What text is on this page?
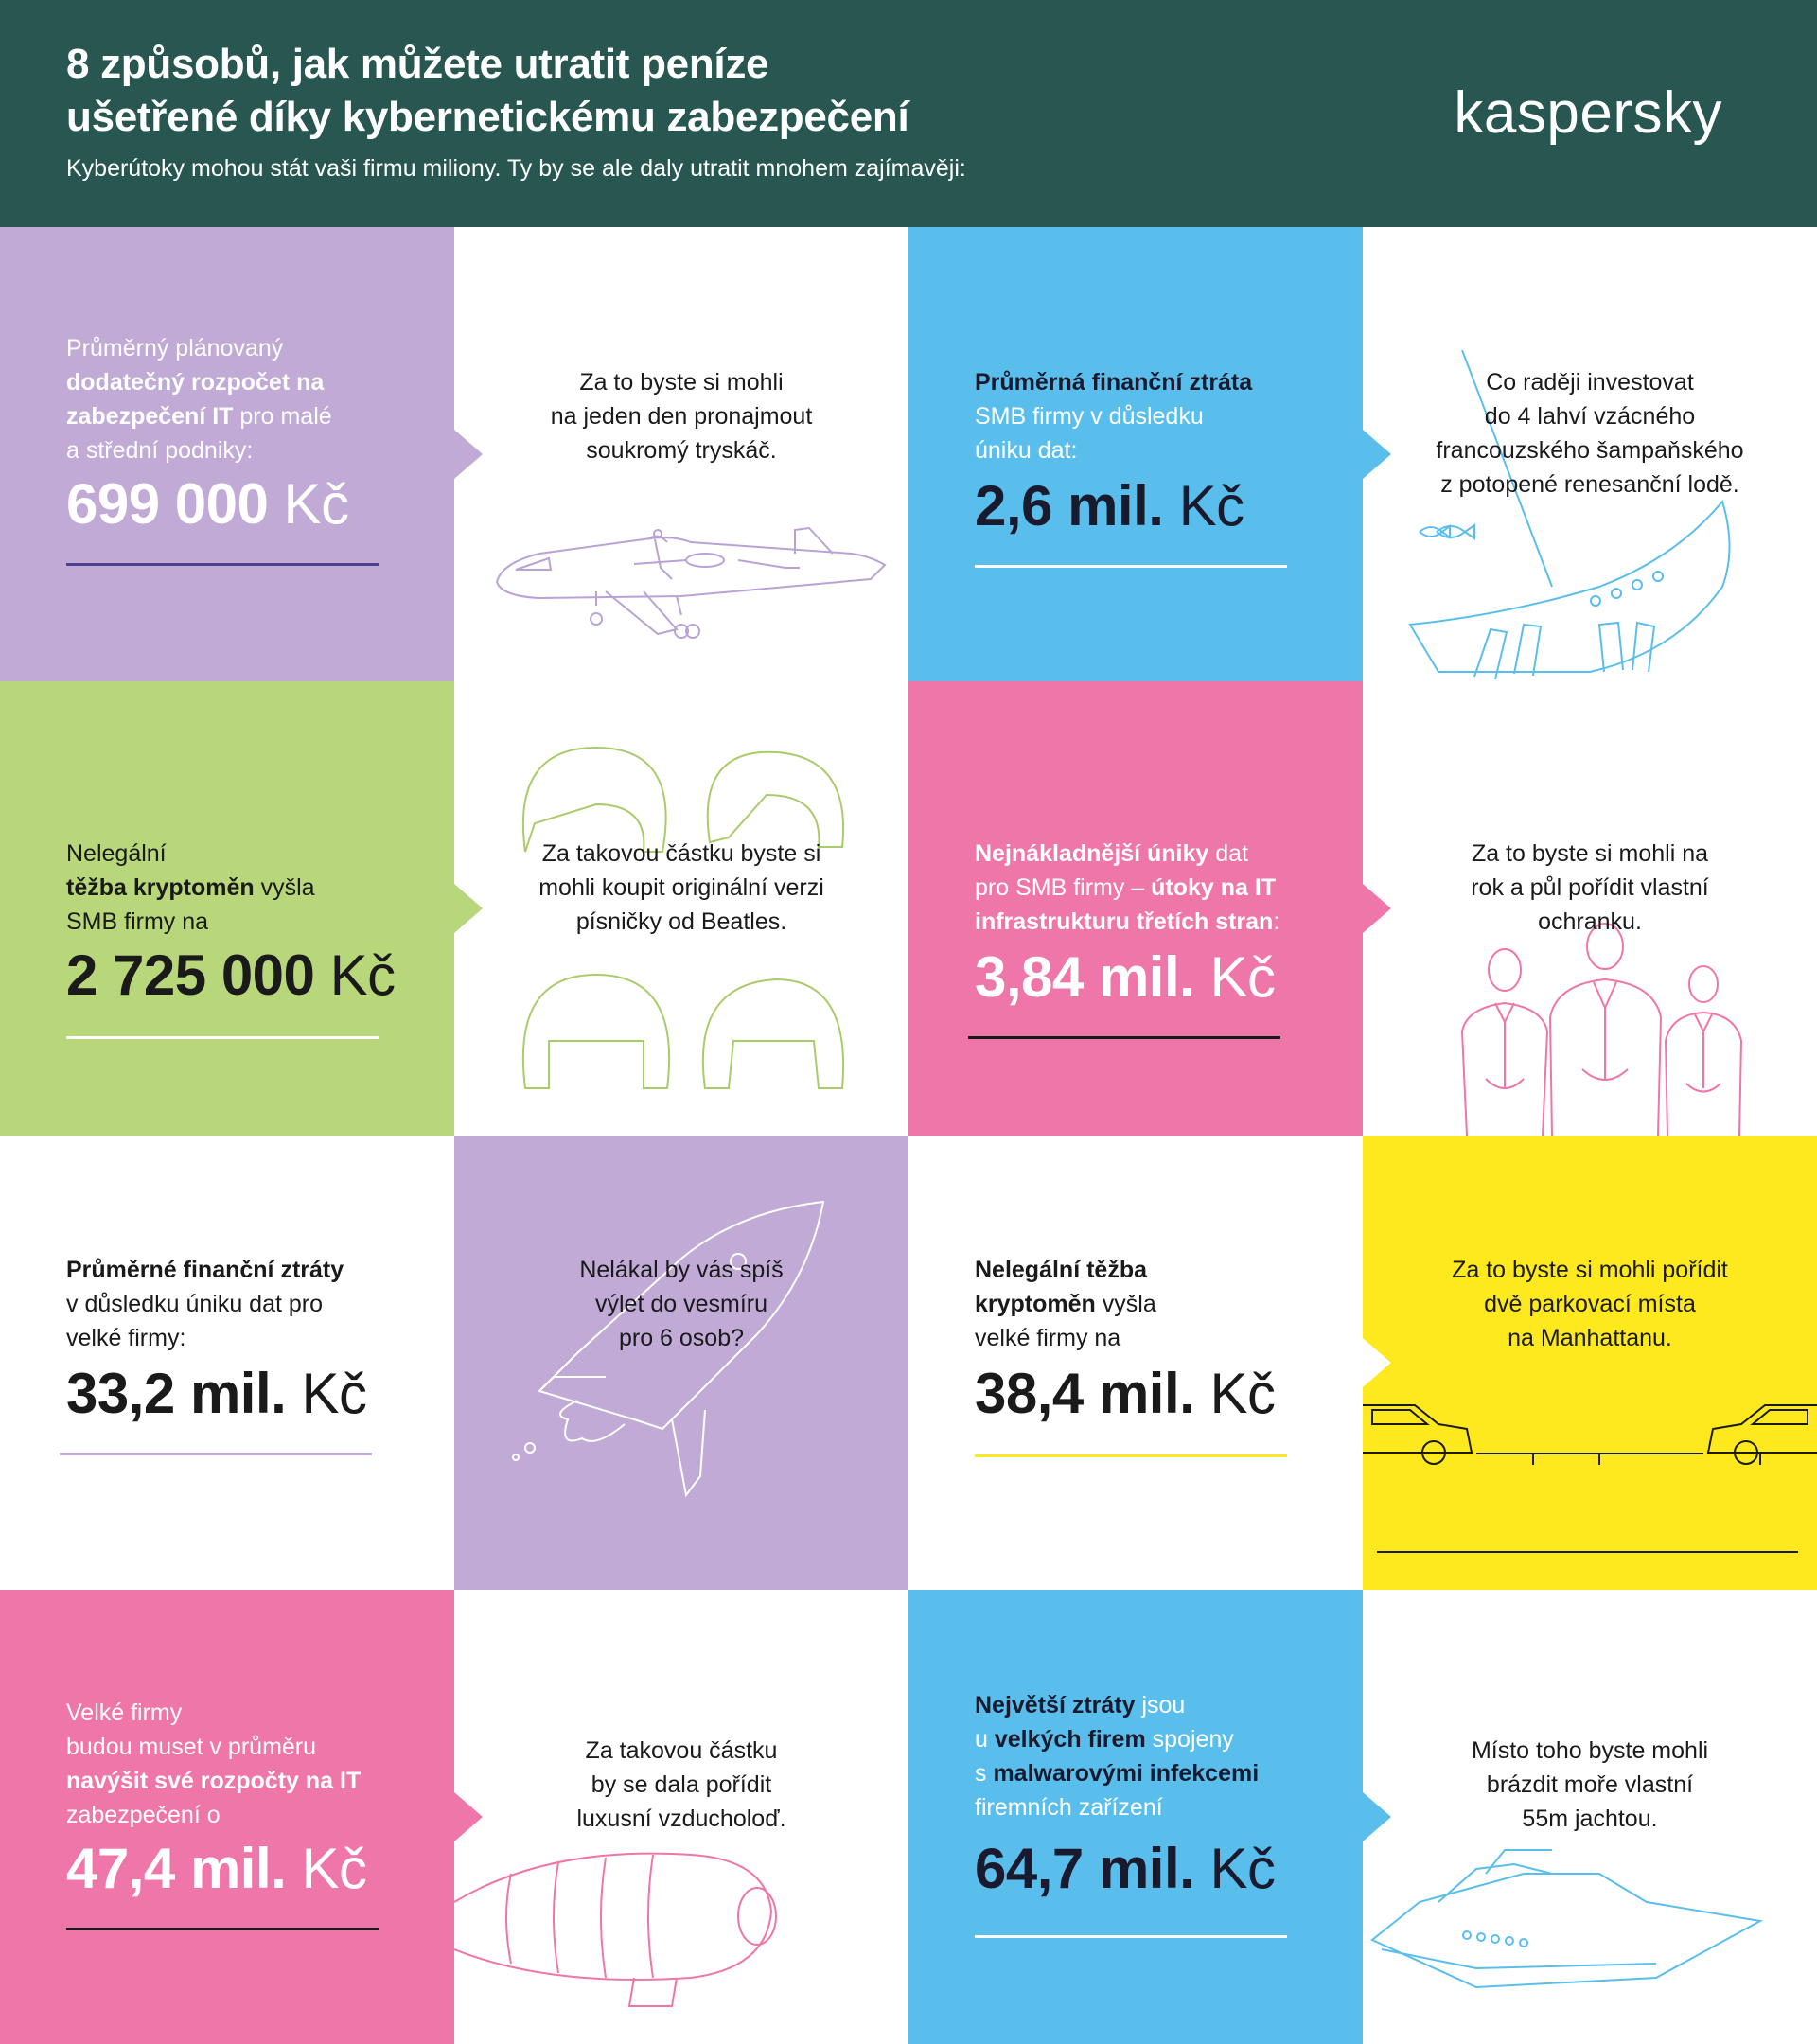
8 způsobů, jak můžete utratit peníze
ušetřené díky kybernetickému zabezpečení
Kyberútoky mohou stát vaši firmu miliony. Ty by se ale daly utratit mnohem zajímavěji:
kaspersky
Průměrný plánovaný
dodatečný rozpočet na
zabezpečení IT pro malé
a střední podniky:
699 000 Kč
Za to byste si mohli
na jeden den pronajmout
soukromý tryskáč.
Průměrná finanční ztráta
SMB firmy v důsledku
úniku dat:
2,6 mil. Kč
Co raději investovat
do 4 lahví vzácného
francouzského šampaňského
z potopené renesanční lodě.
Nelegální
těžba kryptoměn vyšla
SMB firmy na
2 725 000 Kč
Za takovou částku byste si
mohli koupit originální verzi
písničky od Beatles.
Nejnákladnější úniky dat
pro SMB firmy – útoky na IT
infrastrukturu třetích stran:
3,84 mil. Kč
Za to byste si mohli na
rok a půl pořídit vlastní
ochranku.
Průměrné finanční ztráty
v důsledku úniku dat pro
velké firmy:
33,2 mil. Kč
Nelákal by vás spíš
výlet do vesmíru
pro 6 osob?
Nelegální těžba
kryptoměn vyšla
velké firmy na
38,4 mil. Kč
Za to byste si mohli pořídit
dvě parkovací místa
na Manhattanu.
Velké firmy
budou muset v průměru
navýšit své rozpočty na IT
zabezpečení o
47,4 mil. Kč
Za takovou částku
by se dala pořídit
luxusní vzducholoď.
Největší ztráty jsou
u velkých firem spojeny
s malwarovými infekcemi
firemních zařízení
64,7 mil. Kč
Místo toho byste mohli
brázdit moře vlastní
55m jachtou.
